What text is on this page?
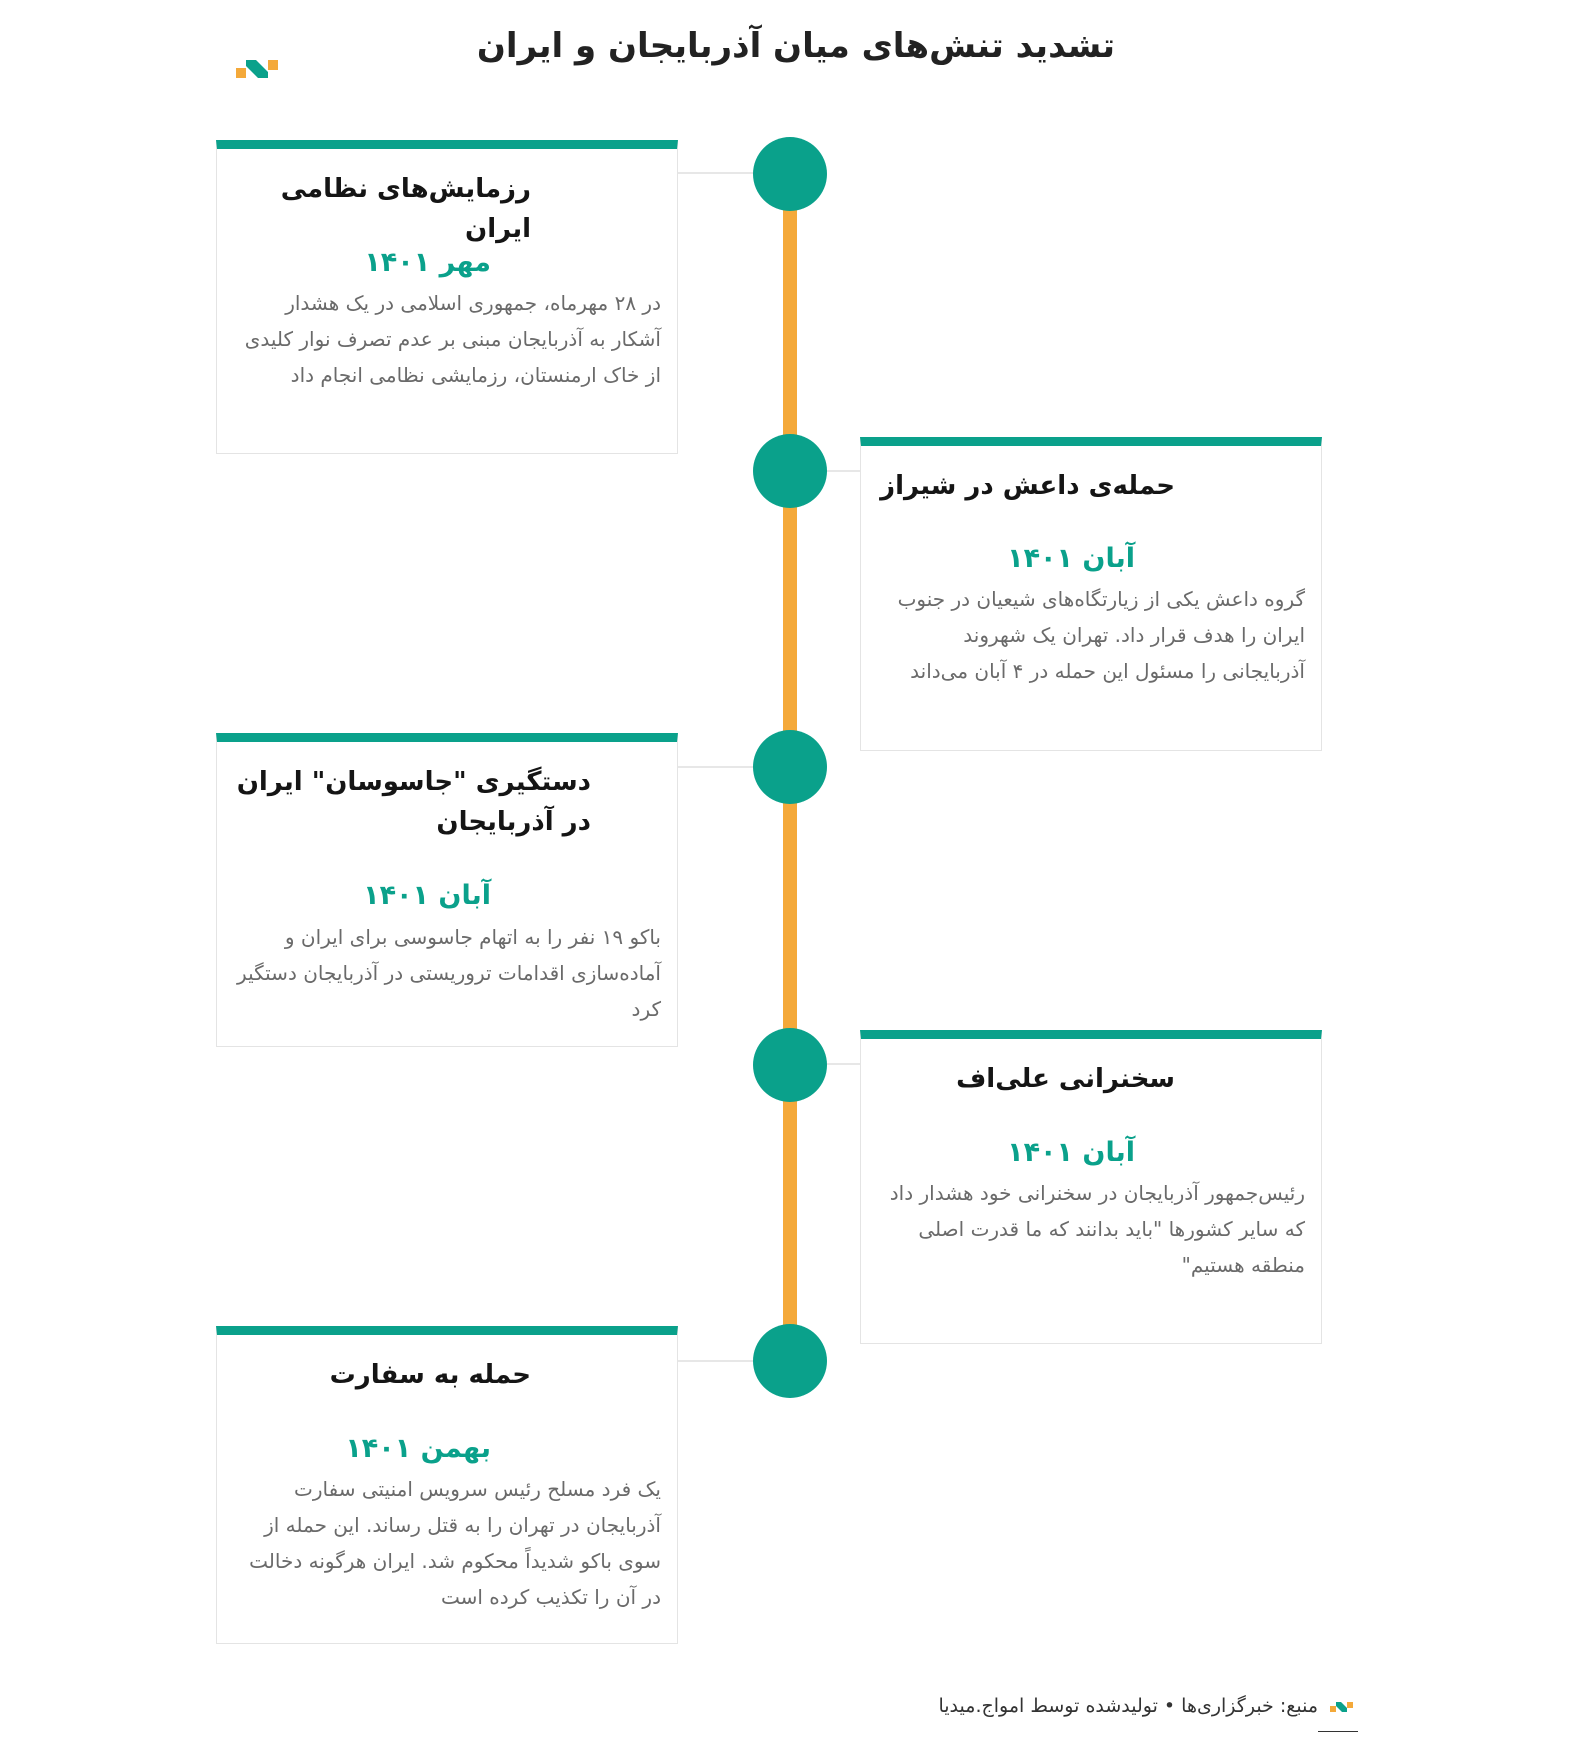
تشدید تنش‌های میان آذربایجان و ایران
رزمایش‌های نظامی ایران
مهر ۱۴۰۱
در ۲۸ مهرماه، جمهوری اسلامی در یک هشدار آشکار به آذربایجان مبنی بر عدم تصرف نوار کلیدی از خاک ارمنستان، رزمایشی نظامی انجام داد
حمله‌ی داعش در شیراز
آبان ۱۴۰۱
گروه داعش یکی از زیارتگاه‌های شیعیان در جنوب ایران را هدف قرار داد. تهران یک شهروند آذربایجانی را مسئول این حمله در ۴ آبان می‌داند
دستگیری "جاسوسان" ایران در آذربایجان
آبان ۱۴۰۱
باکو ۱۹ نفر را به اتهام جاسوسی برای ایران و آماده‌سازی اقدامات تروریستی در آذربایجان دستگیر کرد
سخنرانی علی‌اف
آبان ۱۴۰۱
رئیس‌جمهور آذربایجان در سخنرانی خود هشدار داد که سایر کشورها "باید بدانند که ما قدرت اصلی منطقه هستیم"
حمله به سفارت
بهمن ۱۴۰۱
یک فرد مسلح رئیس سرویس امنیتی سفارت آذربایجان در تهران را به قتل رساند. این حمله از سوی باکو شدیداً محکوم شد. ایران هرگونه دخالت در آن را تکذیب کرده است
منبع: خبرگزاری‌ها • تولیدشده توسط امواج.میدیا
